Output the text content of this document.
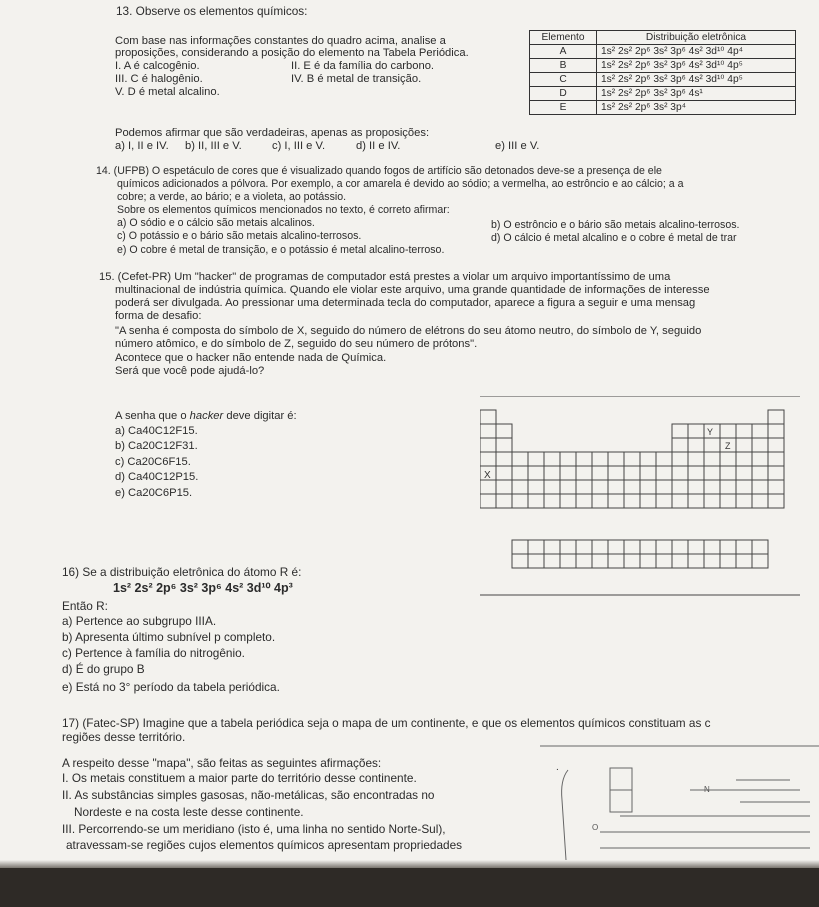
13. Observe os elementos químicos:
Com base nas informações constantes do quadro acima, analise a
proposições, considerando a posição do elemento na Tabela Periódica.
I. A é calcogênio.	II. E é da família do carbono.
III. C é halogênio.	IV. B é metal de transição.
V. D é metal alcalino.
Podemos afirmar que são verdadeiras, apenas as proposições:
a) I, II e IV. b) II, III e V.	c) I, III e V.	d) II e IV.	e) III e V.
Elemento	Distribuição eletrônica
A	1s² 2s² 2p⁶ 3s² 3p⁶ 4s² 3d¹⁰ 4p⁴
B	1s² 2s² 2p⁶ 3s² 3p⁶ 4s² 3d¹⁰ 4p⁵
C	1s² 2s² 2p⁶ 3s² 3p⁶ 4s² 3d¹⁰ 4p⁵
D	1s² 2s² 2p⁶ 3s² 3p⁶ 4s¹
E	1s² 2s² 2p⁶ 3s² 3p⁴
14. (UFPB) O espetáculo de cores que é visualizado quando fogos de artifício são detonados deve-se a presença de ele
químicos adicionados a pólvora. Por exemplo, a cor amarela é devido ao sódio; a vermelha, ao estrôncio e ao cálcio; a a
cobre; a verde, ao bário; e a violeta, ao potássio.
Sobre os elementos químicos mencionados no texto, é correto afirmar:
a) O sódio e o cálcio são metais alcalinos.	b) O estrôncio e o bário são metais alcalino-terrosos.
c) O potássio e o bário são metais alcalino-terrosos.	d) O cálcio é metal alcalino e o cobre é metal de trar
e) O cobre é metal de transição, e o potássio é metal alcalino-terroso.
15. (Cefet-PR) Um "hacker" de programas de computador está prestes a violar um arquivo importantíssimo de uma
multinacional de indústria química. Quando ele violar este arquivo, uma grande quantidade de informações de interesse
poderá ser divulgada. Ao pressionar uma determinada tecla do computador, aparece a figura a seguir e uma mensag
forma de desafio:
"A senha é composta do símbolo de X, seguido do número de elétrons do seu átomo neutro, do símbolo de Y, seguido
número atômico, e do símbolo de Z, seguido do seu número de prótons".
Acontece que o hacker não entende nada de Química.
Será que você pode ajudá-lo?
A senha que o hacker deve digitar é:
a) Ca40C12F15.
b) Ca20C12F31.
c) Ca20C6F15.
d) Ca40C12P15.
e) Ca20C6P15.
X
Y
Z
16) Se a distribuição eletrônica do átomo R é:
1s² 2s² 2p⁶ 3s² 3p⁶ 4s² 3d¹⁰ 4p³
Então R:
a) Pertence ao subgrupo IIIA.
b) Apresenta último subnível p completo.
c) Pertence à família do nitrogênio.
d) É do grupo B
e) Está no 3° período da tabela periódica.
17) (Fatec-SP) Imagine que a tabela periódica seja o mapa de um continente, e que os elementos químicos constituam as c
regiões desse território.
A respeito desse "mapa", são feitas as seguintes afirmações:
I. Os metais constituem a maior parte do território desse continente.
II. As substâncias simples gasosas, não-metálicas, são encontradas no
Nordeste e na costa leste desse continente.
III. Percorrendo-se um meridiano (isto é, uma linha no sentido Norte-Sul),
atravessam-se regiões cujos elementos químicos apresentam propriedades
.
N
O
